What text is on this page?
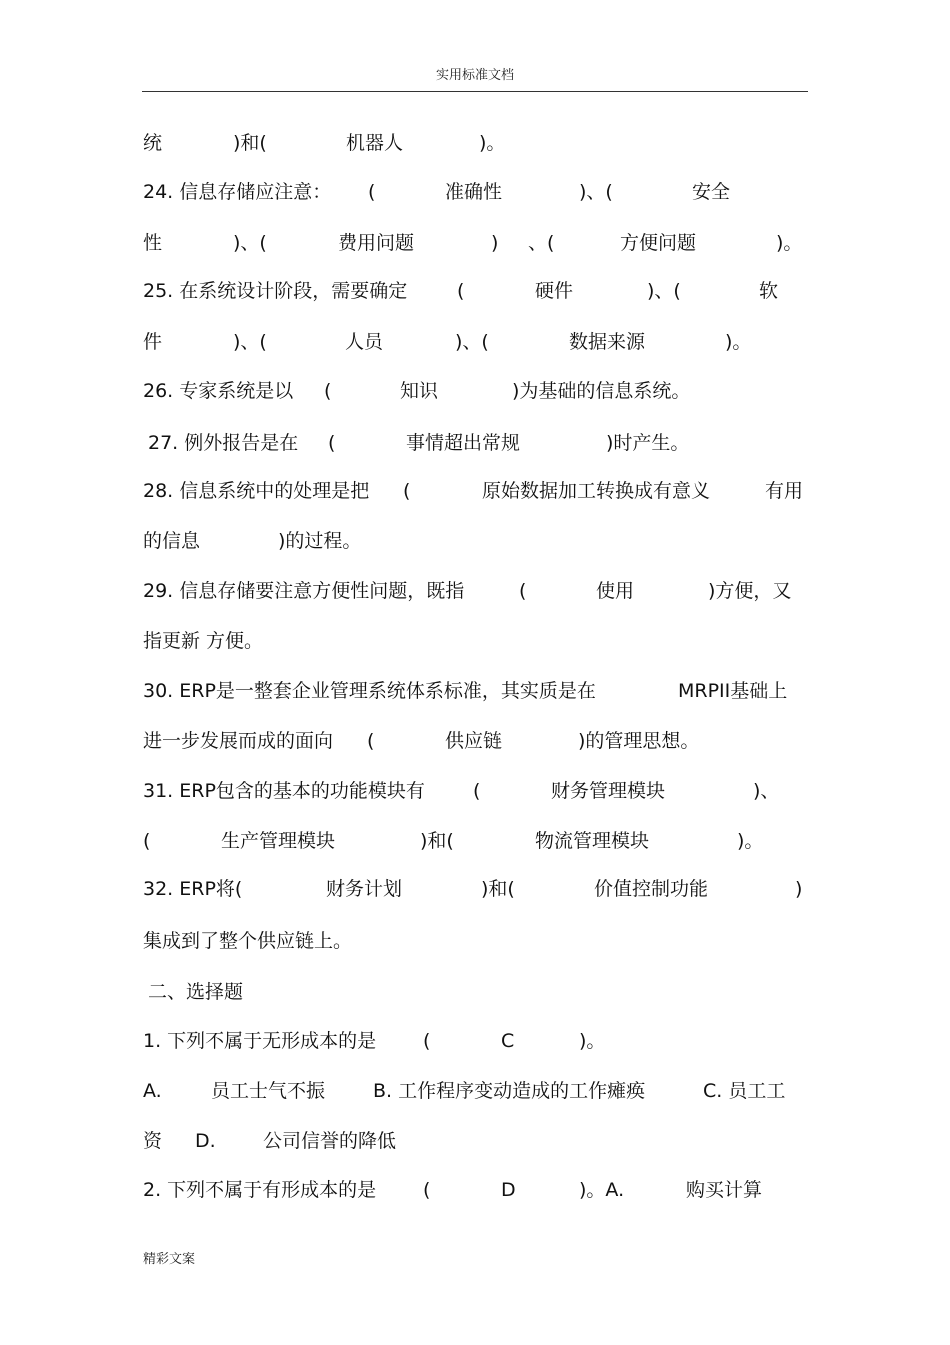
实用标准文档
统	)和(	机器人	)。
24. 信息存储应注意： (	准确性	)、(	安全
性	)、(	费用问题	) 、(	方便问题	)。
25. 在系统设计阶段，需要确定	(	硬件	)、(	软
件	)、(	人员	)、(	数据来源	)。
26. 专家系统是以 (	知识	)为基础的信息系统。
27. 例外报告是在 (	事情超出常规	)时产生。
28. 信息系统中的处理是把 (	原始数据加工转换成有意义	有用
的信息	)的过程。
29. 信息存储要注意方便性问题，既指	(	使用	)方便，又
指更新 方便。
30. ERP是一整套企业管理系统体系标准，其实质是在	MRPII基础上
进一步发展而成的面向 (	供应链	)的管理思想。
31. ERP包含的基本的功能模块有	(	财务管理模块	)、
(	生产管理模块	)和(	物流管理模块	)。
32. ERP将(	财务计划	)和(	价值控制功能	)
集成到了整个供应链上。
二、选择题
1. 下列不属于无形成本的是 (	C	)。
A.	员工士气不振	B. 工作程序变动造成的工作瘫痪	C. 员工工
资 D. 公司信誉的降低
2. 下列不属于有形成本的是 (	D	)。A.	购买计算
精彩文案
